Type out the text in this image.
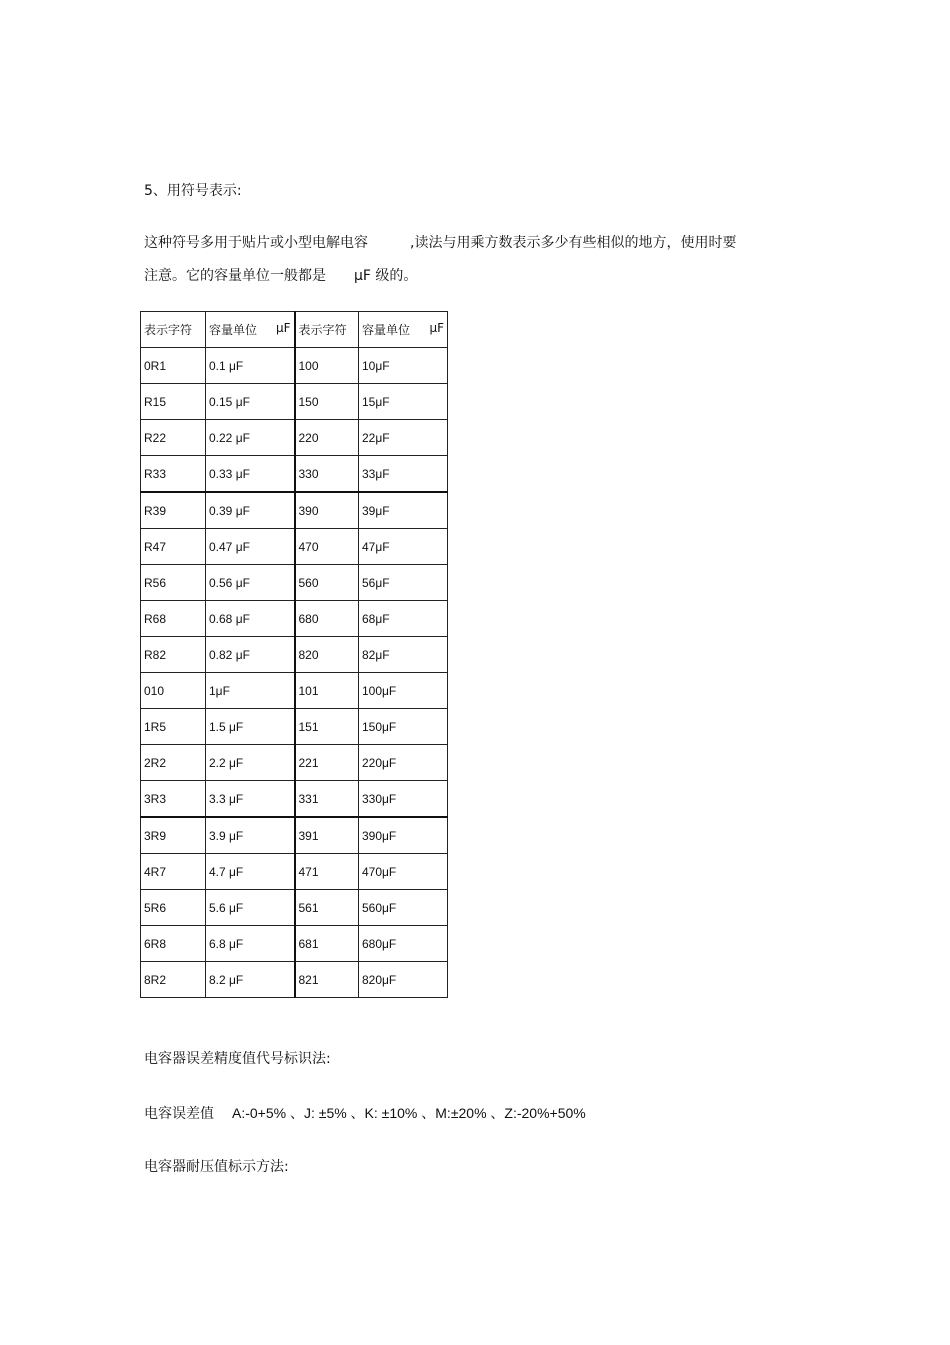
5、用符号表示:

这种符号多用于贴片或小型电解电容	,读法与用乘方数表示多少有些相似的地方，使用时要

注意。它的容量单位一般都是 μF 级的。

表示字符	容量单位 μF	表示字符	容量单位 μF

0R1	0.1 μF	100	10μF
R15	0.15 μF	150	15μF
R22	0.22 μF	220	22μF
R33	0.33 μF	330	33μF
R39	0.39 μF	390	39μF
R47	0.47 μF	470	47μF
R56	0.56 μF	560	56μF
R68	0.68 μF	680	68μF
R82	0.82 μF	820	82μF
010	1μF	101	100μF
1R5	1.5 μF	151	150μF
2R2	2.2 μF	221	220μF
3R3	3.3 μF	331	330μF
3R9	3.9 μF	391	390μF
4R7	4.7 μF	471	470μF
5R6	5.6 μF	561	560μF
6R8	6.8 μF	681	680μF
8R2	8.2 μF	821	820μF

电容器误差精度值代号标识法:

电容误差值 A:-0+5% 、J: ±5% 、K: ±10% 、M:±20% 、Z:-20%+50%

电容器耐压值标示方法:
